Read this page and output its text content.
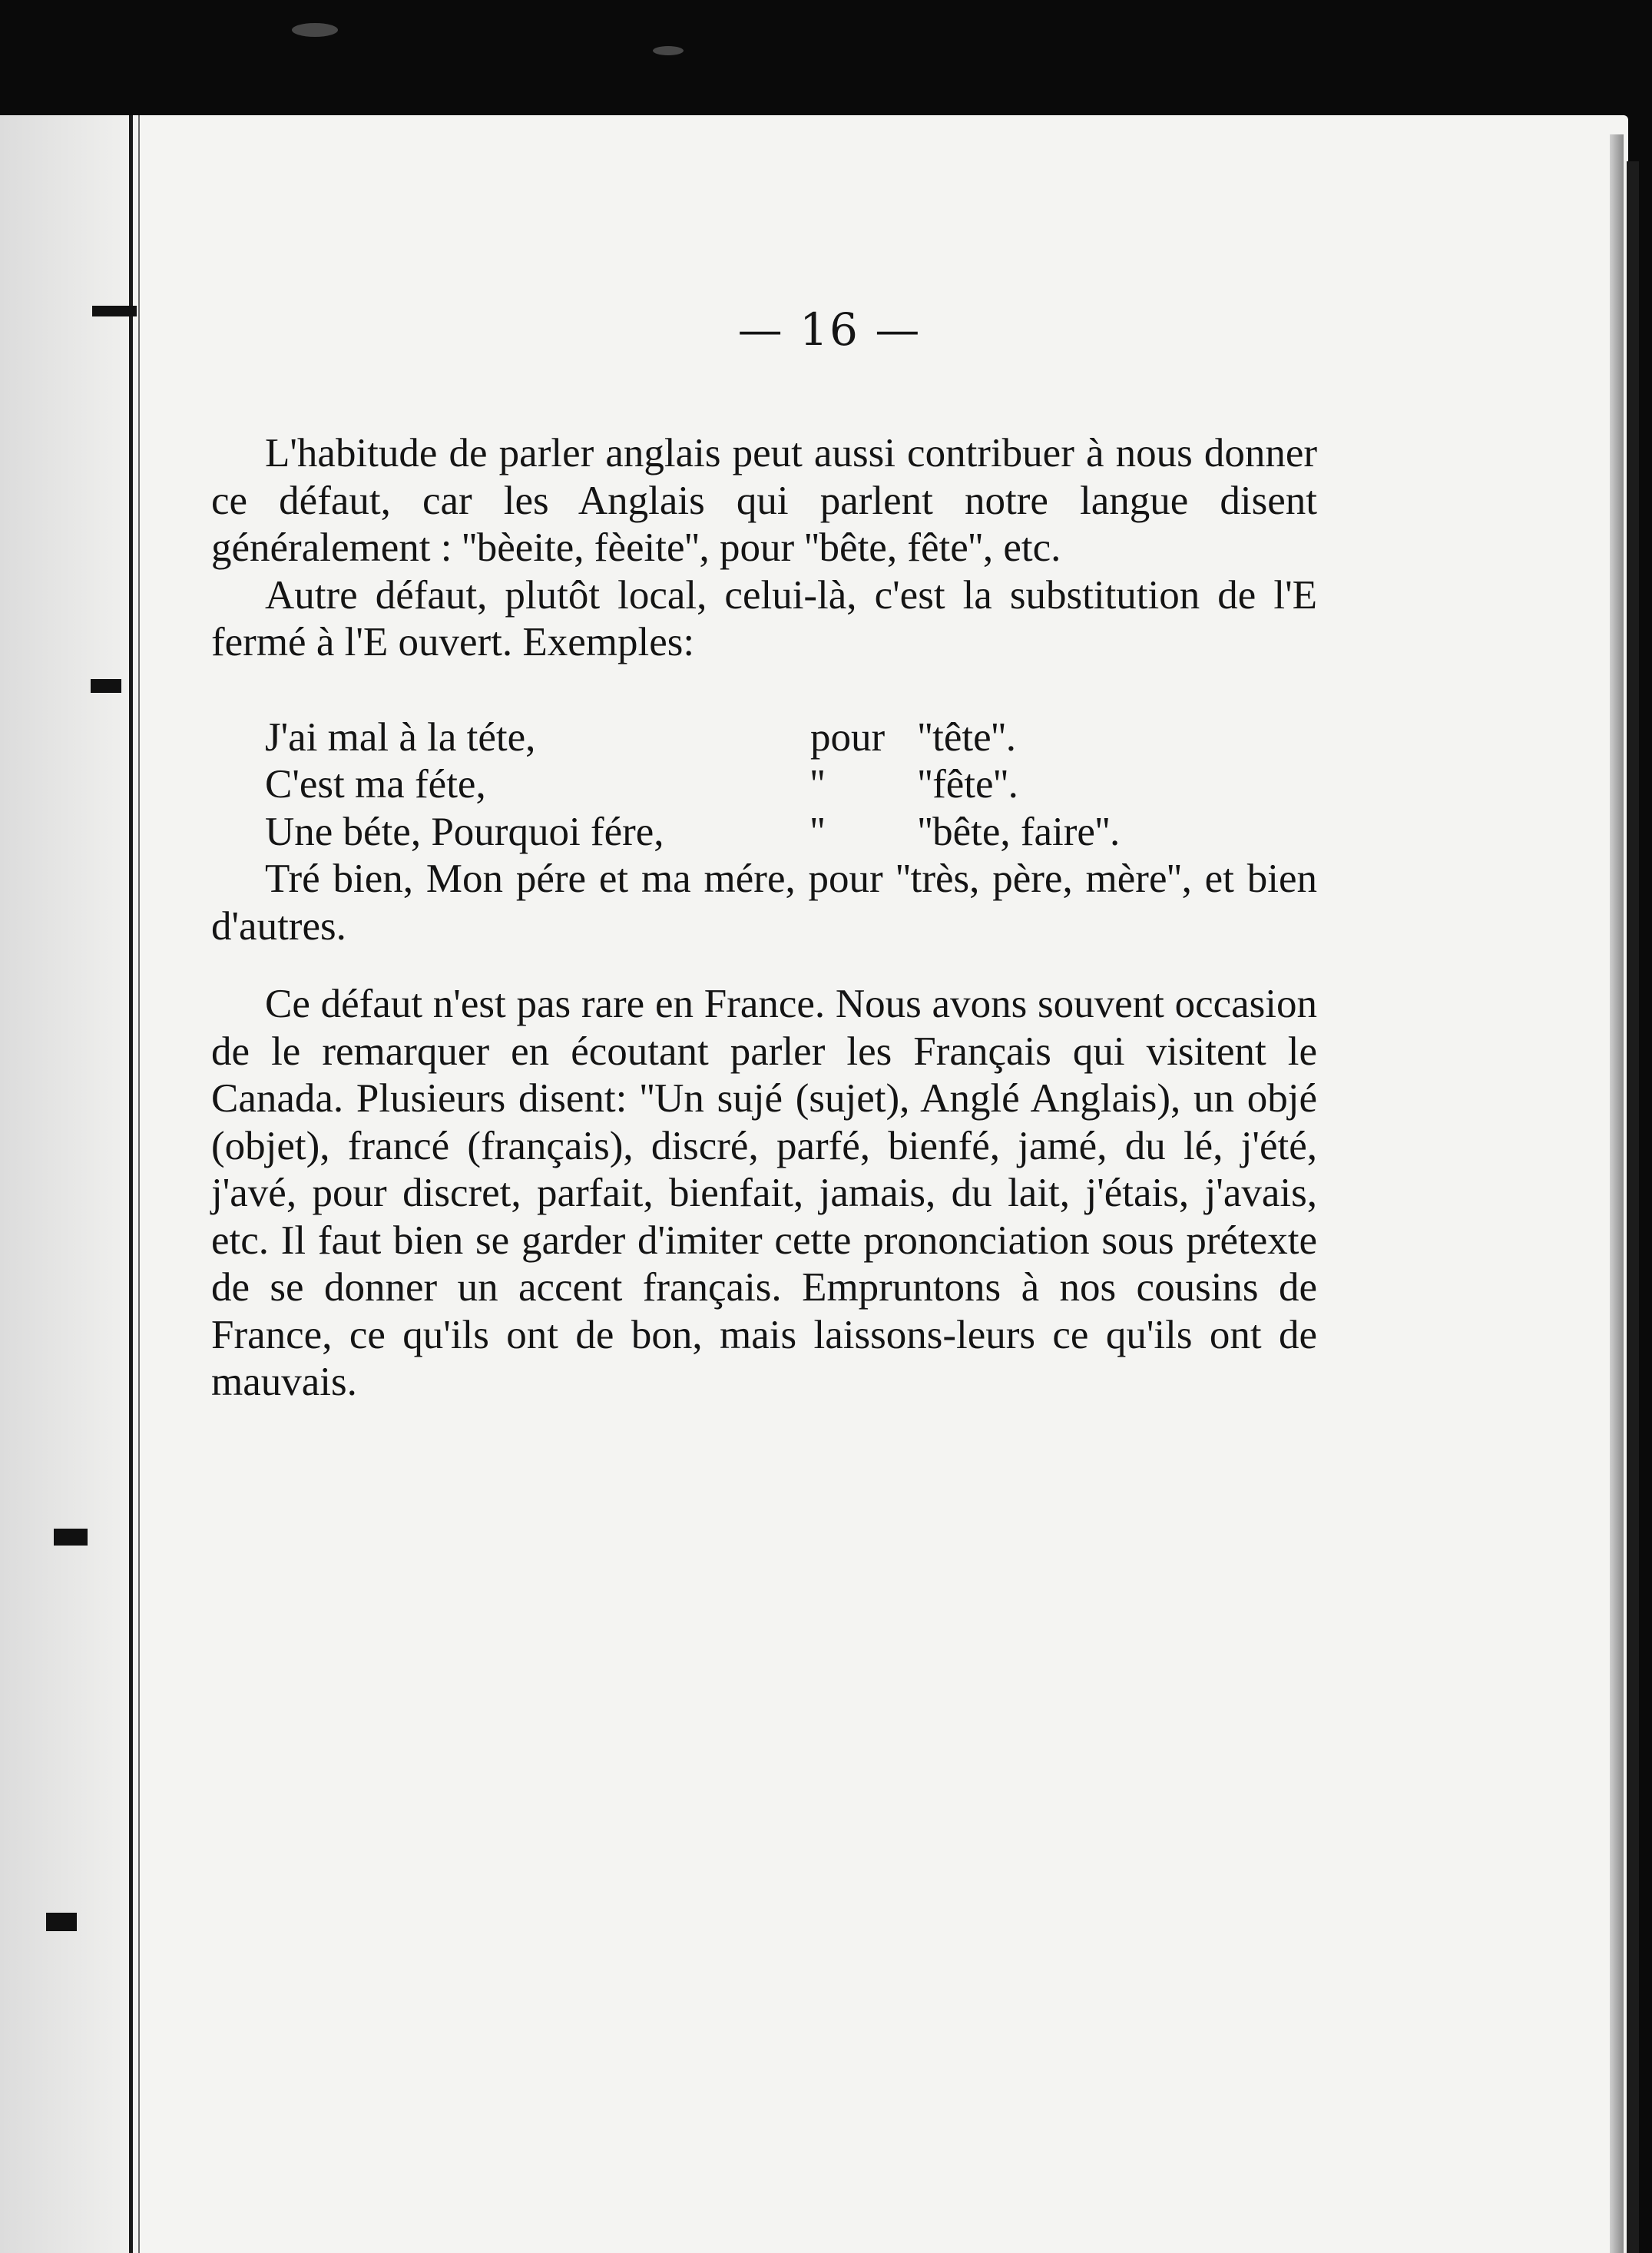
— 16 —

L'habitude de parler anglais peut aussi contribuer à nous donner ce défaut, car les Anglais qui parlent notre langue disent généralement : ''bèeite, fèeite'', pour ''bête, fête'', etc.

Autre défaut, plutôt local, celui-là, c'est la substitution de l'E fermé à l'E ouvert. Exemples:

J'ai mal à la téte,	pour ''tête''.
C'est ma féte,	''	''fête''.
Une béte, Pourquoi fére,	''	''bête, faire''.

Tré bien, Mon pére et ma mére, pour ''très, père, mère'', et bien d'autres.

Ce défaut n'est pas rare en France. Nous avons souvent occasion de le remarquer en écoutant parler les Français qui visitent le Canada. Plusieurs disent: ''Un sujé (sujet), Anglé Anglais), un objé (objet), francé (français), discré, parfé, bienfé, jamé, du lé, j'été, j'avé, pour discret, parfait, bienfait, jamais, du lait, j'étais, j'avais, etc. Il faut bien se garder d'imiter cette prononciation sous prétexte de se donner un accent français. Empruntons à nos cousins de France, ce qu'ils ont de bon, mais laissons-leurs ce qu'ils ont de mauvais.
